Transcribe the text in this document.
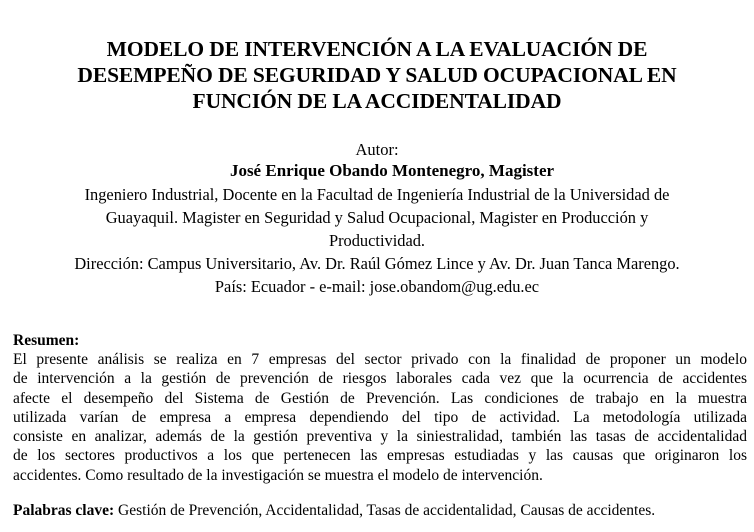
MODELO DE INTERVENCIÓN A LA EVALUACIÓN DE
DESEMPEÑO DE SEGURIDAD Y SALUD OCUPACIONAL EN
FUNCIÓN DE LA ACCIDENTALIDAD
Autor:
José Enrique Obando Montenegro, Magister
Ingeniero Industrial, Docente en la Facultad de Ingeniería Industrial de la Universidad de
Guayaquil. Magister en Seguridad y Salud Ocupacional, Magister en Producción y
Productividad.
Dirección: Campus Universitario, Av. Dr. Raúl Gómez Lince y Av. Dr. Juan Tanca Marengo.
País: Ecuador - e-mail: jose.obandom@ug.edu.ec
Resumen:
El presente análisis se realiza en 7 empresas del sector privado con la finalidad de proponer un modelo
de intervención a la gestión de prevención de riesgos laborales cada vez que la ocurrencia de accidentes
afecte el desempeño del Sistema de Gestión de Prevención. Las condiciones de trabajo en la muestra
utilizada varían de empresa a empresa dependiendo del tipo de actividad. La metodología utilizada
consiste en analizar, además de la gestión preventiva y la siniestralidad, también las tasas de accidentalidad
de los sectores productivos a los que pertenecen las empresas estudiadas y las causas que originaron los
accidentes. Como resultado de la investigación se muestra el modelo de intervención.
Palabras clave: Gestión de Prevención, Accidentalidad, Tasas de accidentalidad, Causas de accidentes.
